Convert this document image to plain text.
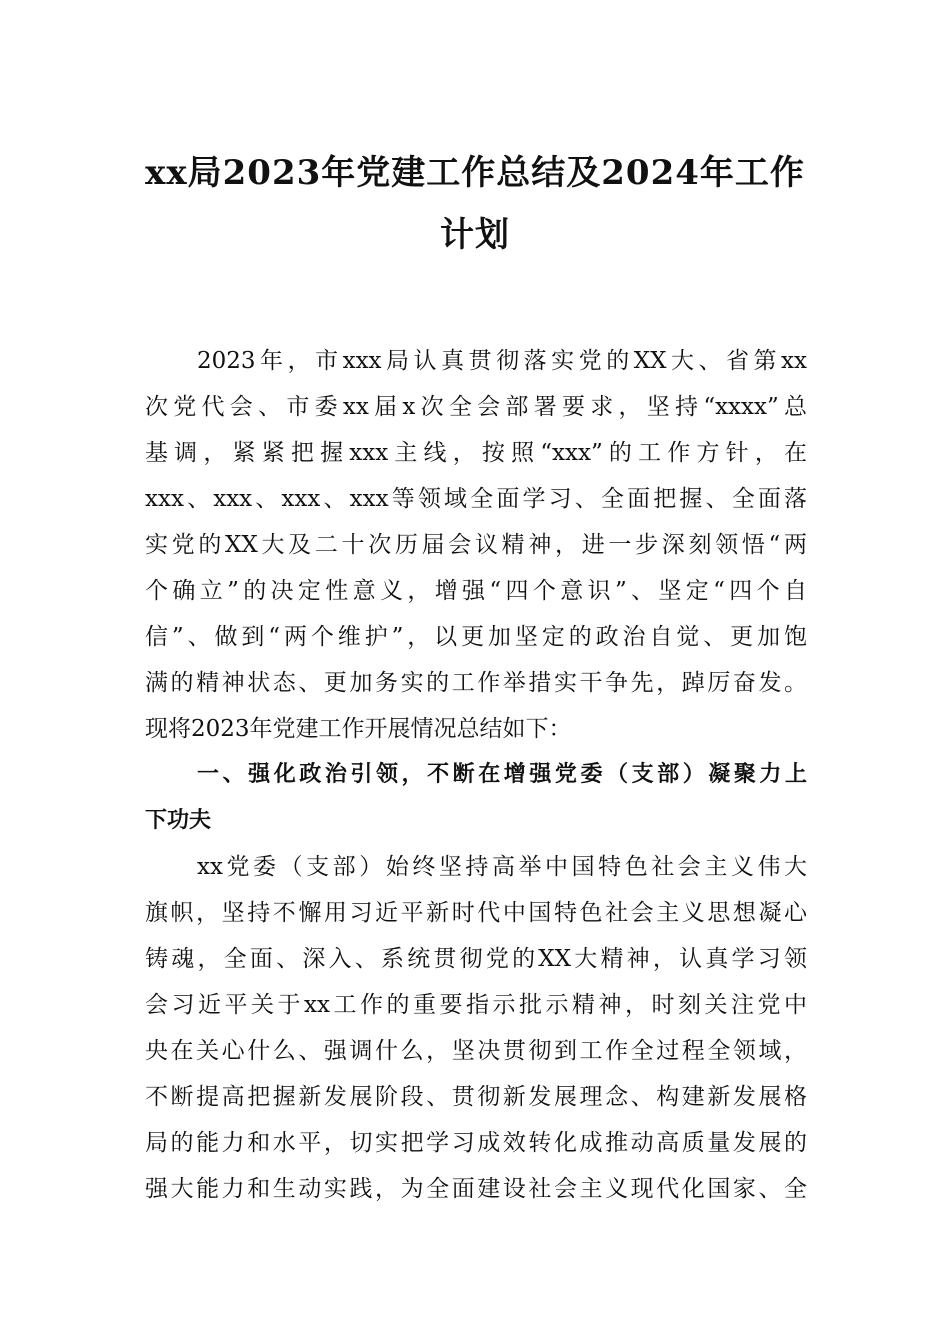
xx局2023年党建工作总结及2024年工作
计划
2023年，市xxx局认真贯彻落实党的XX大、省第xx
次党代会、市委xx届x次全会部署要求，坚持“xxxx”总
基调，紧紧把握xxx主线，按照“xxx”的工作方针，在
xxx、xxx、xxx、xxx等领域全面学习、全面把握、全面落
实党的XX大及二十次历届会议精神，进一步深刻领悟“两
个确立”的决定性意义，增强“四个意识”、坚定“四个自
信”、做到“两个维护”，以更加坚定的政治自觉、更加饱
满的精神状态、更加务实的工作举措实干争先，踔厉奋发。
现将2023年党建工作开展情况总结如下：
一、强化政治引领，不断在增强党委（支部）凝聚力上
下功夫
xx党委（支部）始终坚持高举中国特色社会主义伟大
旗帜，坚持不懈用习近平新时代中国特色社会主义思想凝心
铸魂，全面、深入、系统贯彻党的XX大精神，认真学习领
会习近平关于xx工作的重要指示批示精神，时刻关注党中
央在关心什么、强调什么，坚决贯彻到工作全过程全领域，
不断提高把握新发展阶段、贯彻新发展理念、构建新发展格
局的能力和水平，切实把学习成效转化成推动高质量发展的
强大能力和生动实践，为全面建设社会主义现代化国家、全
